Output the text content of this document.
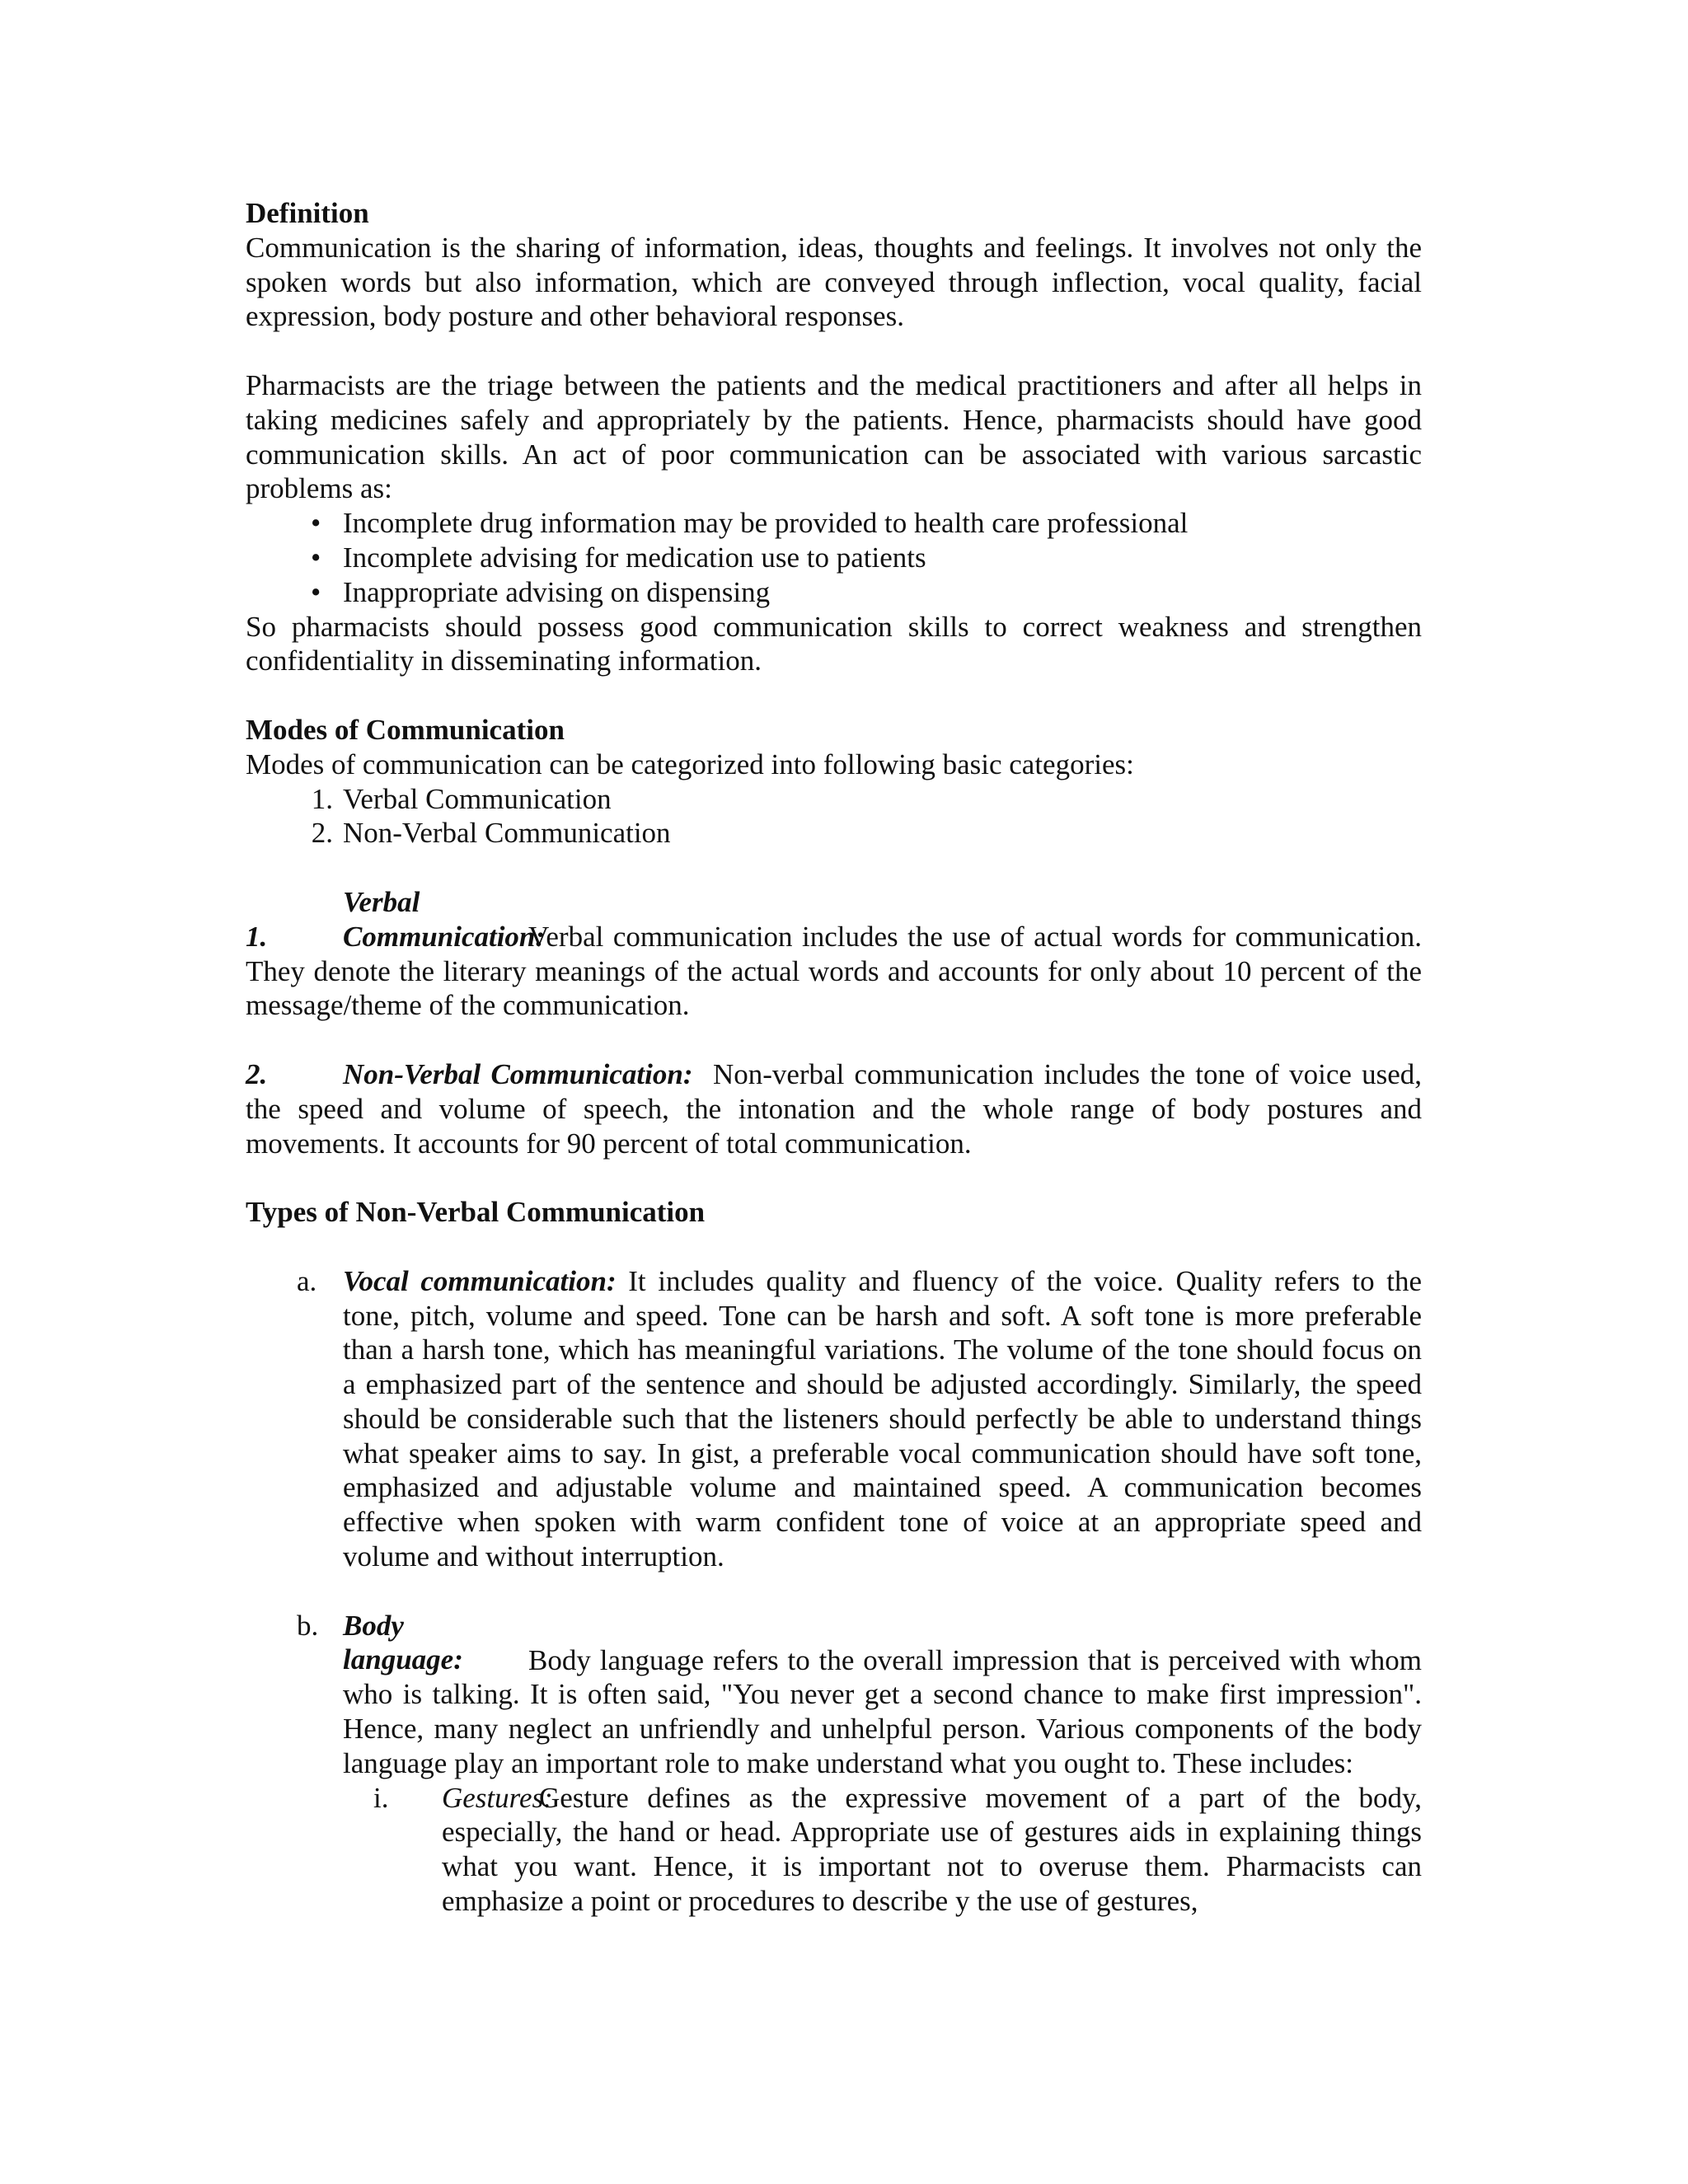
Definition

Communication is the sharing of information, ideas, thoughts and feelings. It involves not only the spoken words but also information, which are conveyed through inflection, vocal quality, facial expression, body posture and other behavioral responses.

Pharmacists are the triage between the patients and the medical practitioners and after all helps in taking medicines safely and appropriately by the patients. Hence, pharmacists should have good communication skills. An act of poor communication can be associated with various sarcastic problems as:

• Incomplete drug information may be provided to health care professional
• Incomplete advising for medication use to patients
• Inappropriate advising on dispensing

So pharmacists should possess good communication skills to correct weakness and strengthen confidentiality in disseminating information.

Modes of Communication

Modes of communication can be categorized into following basic categories:

1. Verbal Communication
2. Non-Verbal Communication

1.Verbal Communication:Verbal communication includes the use of actual words for communication. They denote the literary meanings of the actual words and accounts for only about 10 percent of the message/theme of the communication.

2.	Non-Verbal Communication: Non-verbal communication includes the tone of voice used, the speed and volume of speech, the intonation and the whole range of body postures and movements. It accounts for 90 percent of total communication.

Types of Non-Verbal Communication

a. Vocal communication: It includes quality and fluency of the voice. Quality refers to the tone, pitch, volume and speed. Tone can be harsh and soft. A soft tone is more preferable than a harsh tone, which has meaningful variations. The volume of the tone should focus on a emphasized part of the sentence and should be adjusted accordingly. Similarly, the speed should be considerable such that the listeners should perfectly be able to understand things what speaker aims to say. In gist, a preferable vocal communication should have soft tone, emphasized and adjustable volume and maintained speed. A communication becomes effective when spoken with warm confident tone of voice at an appropriate speed and volume and without interruption.

b. Body language: Body language refers to the overall impression that is perceived with whom who is talking. It is often said, "You never get a second chance to make first impression". Hence, many neglect an unfriendly and unhelpful person. Various components of the body language play an important role to make understand what you ought to. These includes:

i. Gestures:Gesture defines as the expressive movement of a part of the body, especially, the hand or head. Appropriate use of gestures aids in explaining things what you want. Hence, it is important not to overuse them. Pharmacists can emphasize a point or procedures to describe y the use of gestures,
